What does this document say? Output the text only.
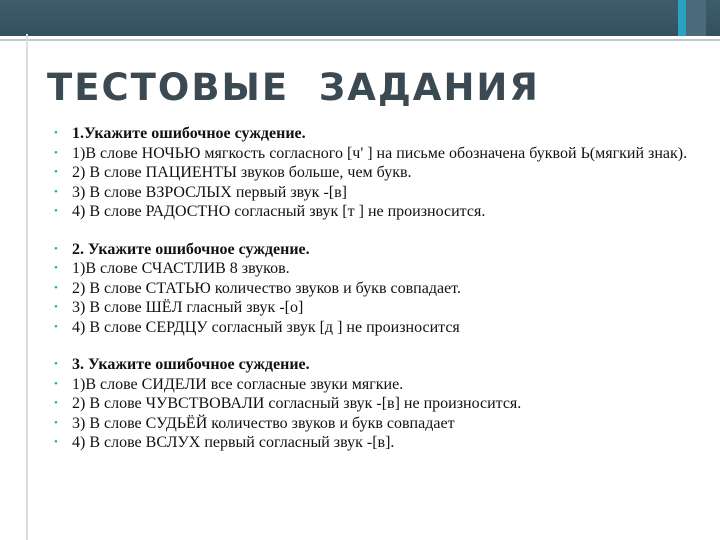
ТЕСТОВЫЕ  ЗАДАНИЯ
• 1.Укажите ошибочное суждение.
• 1)В слове НОЧЬЮ мягкость согласного [ч' ] на письме обозначена буквой Ь(мягкий знак).
• 2) В слове ПАЦИЕНТЫ звуков больше, чем букв.
• 3) В слове ВЗРОСЛЫХ первый звук -[в]
• 4) В слове РАДОСТНО согласный звук [т ] не произносится.
• 2. Укажите ошибочное суждение.
• 1)В слове СЧАСТЛИВ 8 звуков.
• 2) В слове СТАТЬЮ количество звуков и букв совпадает.
• 3) В слове ШЁЛ гласный звук -[о]
• 4) В слове СЕРДЦУ согласный звук [д ] не произносится
• 3. Укажите ошибочное суждение.
• 1)В слове СИДЕЛИ все согласные звуки мягкие.
• 2) В слове ЧУВСТВОВАЛИ согласный звук -[в] не произносится.
• 3) В слове СУДЬЁЙ количество звуков и букв совпадает
• 4) В слове ВСЛУХ первый согласный звук -[в].
